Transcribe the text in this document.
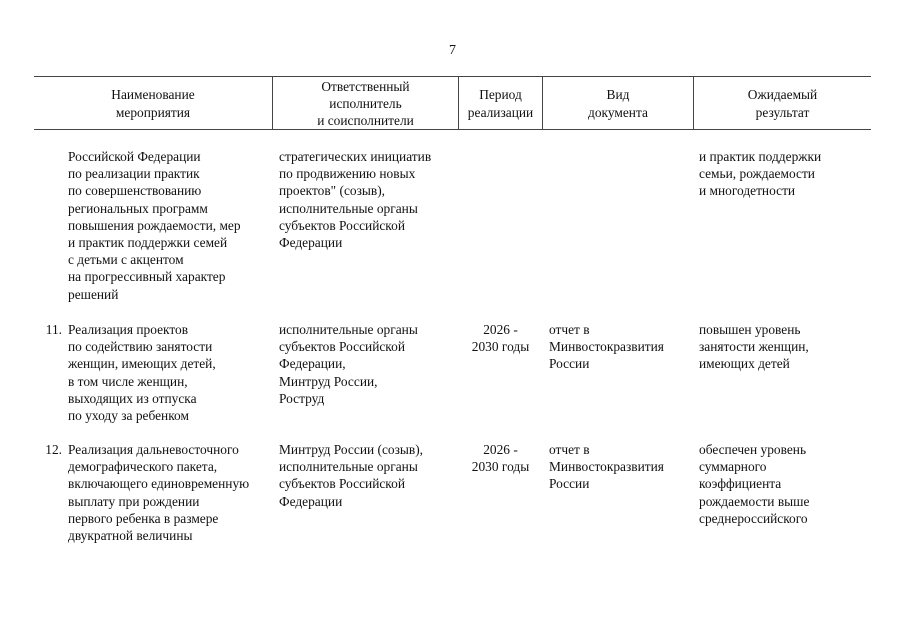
7
Наименование
мероприятия
Ответственный
исполнитель
и соисполнители
Период
реализации
Вид
документа
Ожидаемый
результат
Российской Федерации
по реализации практик
по совершенствованию
региональных программ
повышения рождаемости, мер
и практик поддержки семей
с детьми с акцентом
на прогрессивный характер
решений
стратегических инициатив
по продвижению новых
проектов" (созыв),
исполнительные органы
субъектов Российской
Федерации
и практик поддержки
семьи, рождаемости
и многодетности
11. Реализация проектов
по содействию занятости
женщин, имеющих детей,
в том числе женщин,
выходящих из отпуска
по уходу за ребенком
исполнительные органы
субъектов Российской
Федерации,
Минтруд России,
Роструд
2026 -
2030 годы
отчет в
Минвостокразвития
России
повышен уровень
занятости женщин,
имеющих детей
12. Реализация дальневосточного
демографического пакета,
включающего единовременную
выплату при рождении
первого ребенка в размере
двукратной величины
Минтруд России (созыв),
исполнительные органы
субъектов Российской
Федерации
2026 -
2030 годы
отчет в
Минвостокразвития
России
обеспечен уровень
суммарного
коэффициента
рождаемости выше
среднероссийского
